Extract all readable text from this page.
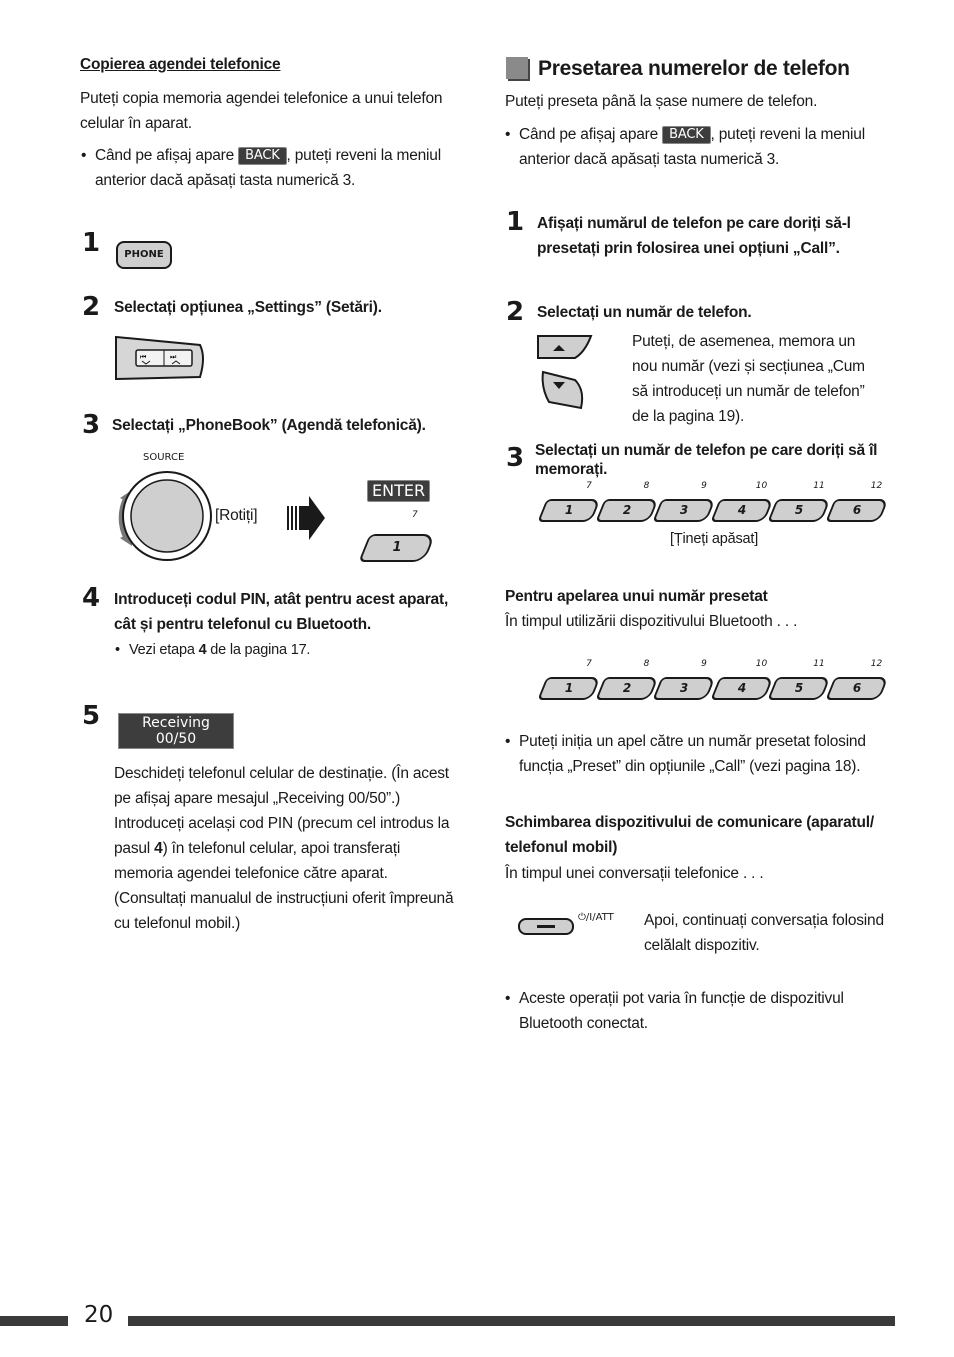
Copierea agendei telefonice
Puteți copia memoria agendei telefonice a unui telefon celular în aparat.
Când pe afișaj apare BACK , puteți reveni la meniul anterior dacă apăsați tasta numerică 3.
1	PHONE
2 Selectați opțiunea „Settings” (Setări).
⏮	⏭
3 Selectați „PhoneBook” (Agendă telefonică).
SOURCE
[Rotiți]
ENTER
7
1
4 Introduceți codul PIN, atât pentru acest aparat, cât și pentru telefonul cu Bluetooth.
Vezi etapa 4 de la pagina 17.
5	Receiving
00/50
Deschideți telefonul celular de destinație. (În acest pe afișaj apare mesajul „Receiving 00/50”.) Introduceți același cod PIN (precum cel introdus la pasul 4) în telefonul celular, apoi transferați memoria agendei telefonice către aparat. (Consultați manualul de instrucțiuni oferit împreună cu telefonul mobil.)
Presetarea numerelor de telefon
Puteți preseta până la șase numere de telefon.
Când pe afișaj apare BACK , puteți reveni la meniul anterior dacă apăsați tasta numerică 3.
1 Afișați numărul de telefon pe care doriți să-l presetați prin folosirea unei opțiuni „Call”.
2 Selectați un număr de telefon.
Puteți, de asemenea, memora un nou număr (vezi și secțiunea „Cum să introduceți un număr de telefon” de la pagina 19).
3 Selectați un număr de telefon pe care doriți să îl memorați.
7
1
8
2
9
3
10
4
11
5
12
6
[Țineți apăsat]
Pentru apelarea unui număr presetat
În timpul utilizării dispozitivului Bluetooth . . .
7
1
8
2
9
3
10
4
11
5
12
6
Puteți iniția un apel către un număr presetat folosind funcția „Preset” din opțiunile „Call” (vezi pagina 18).
Schimbarea dispozitivului de comunicare (aparatul/ telefonul mobil)
În timpul unei conversații telefonice . . .
⏻/I/ATT Apoi, continuați conversația folosind celălalt dispozitiv.
Aceste operații pot varia în funcție de dispozitivul Bluetooth conectat.
20
